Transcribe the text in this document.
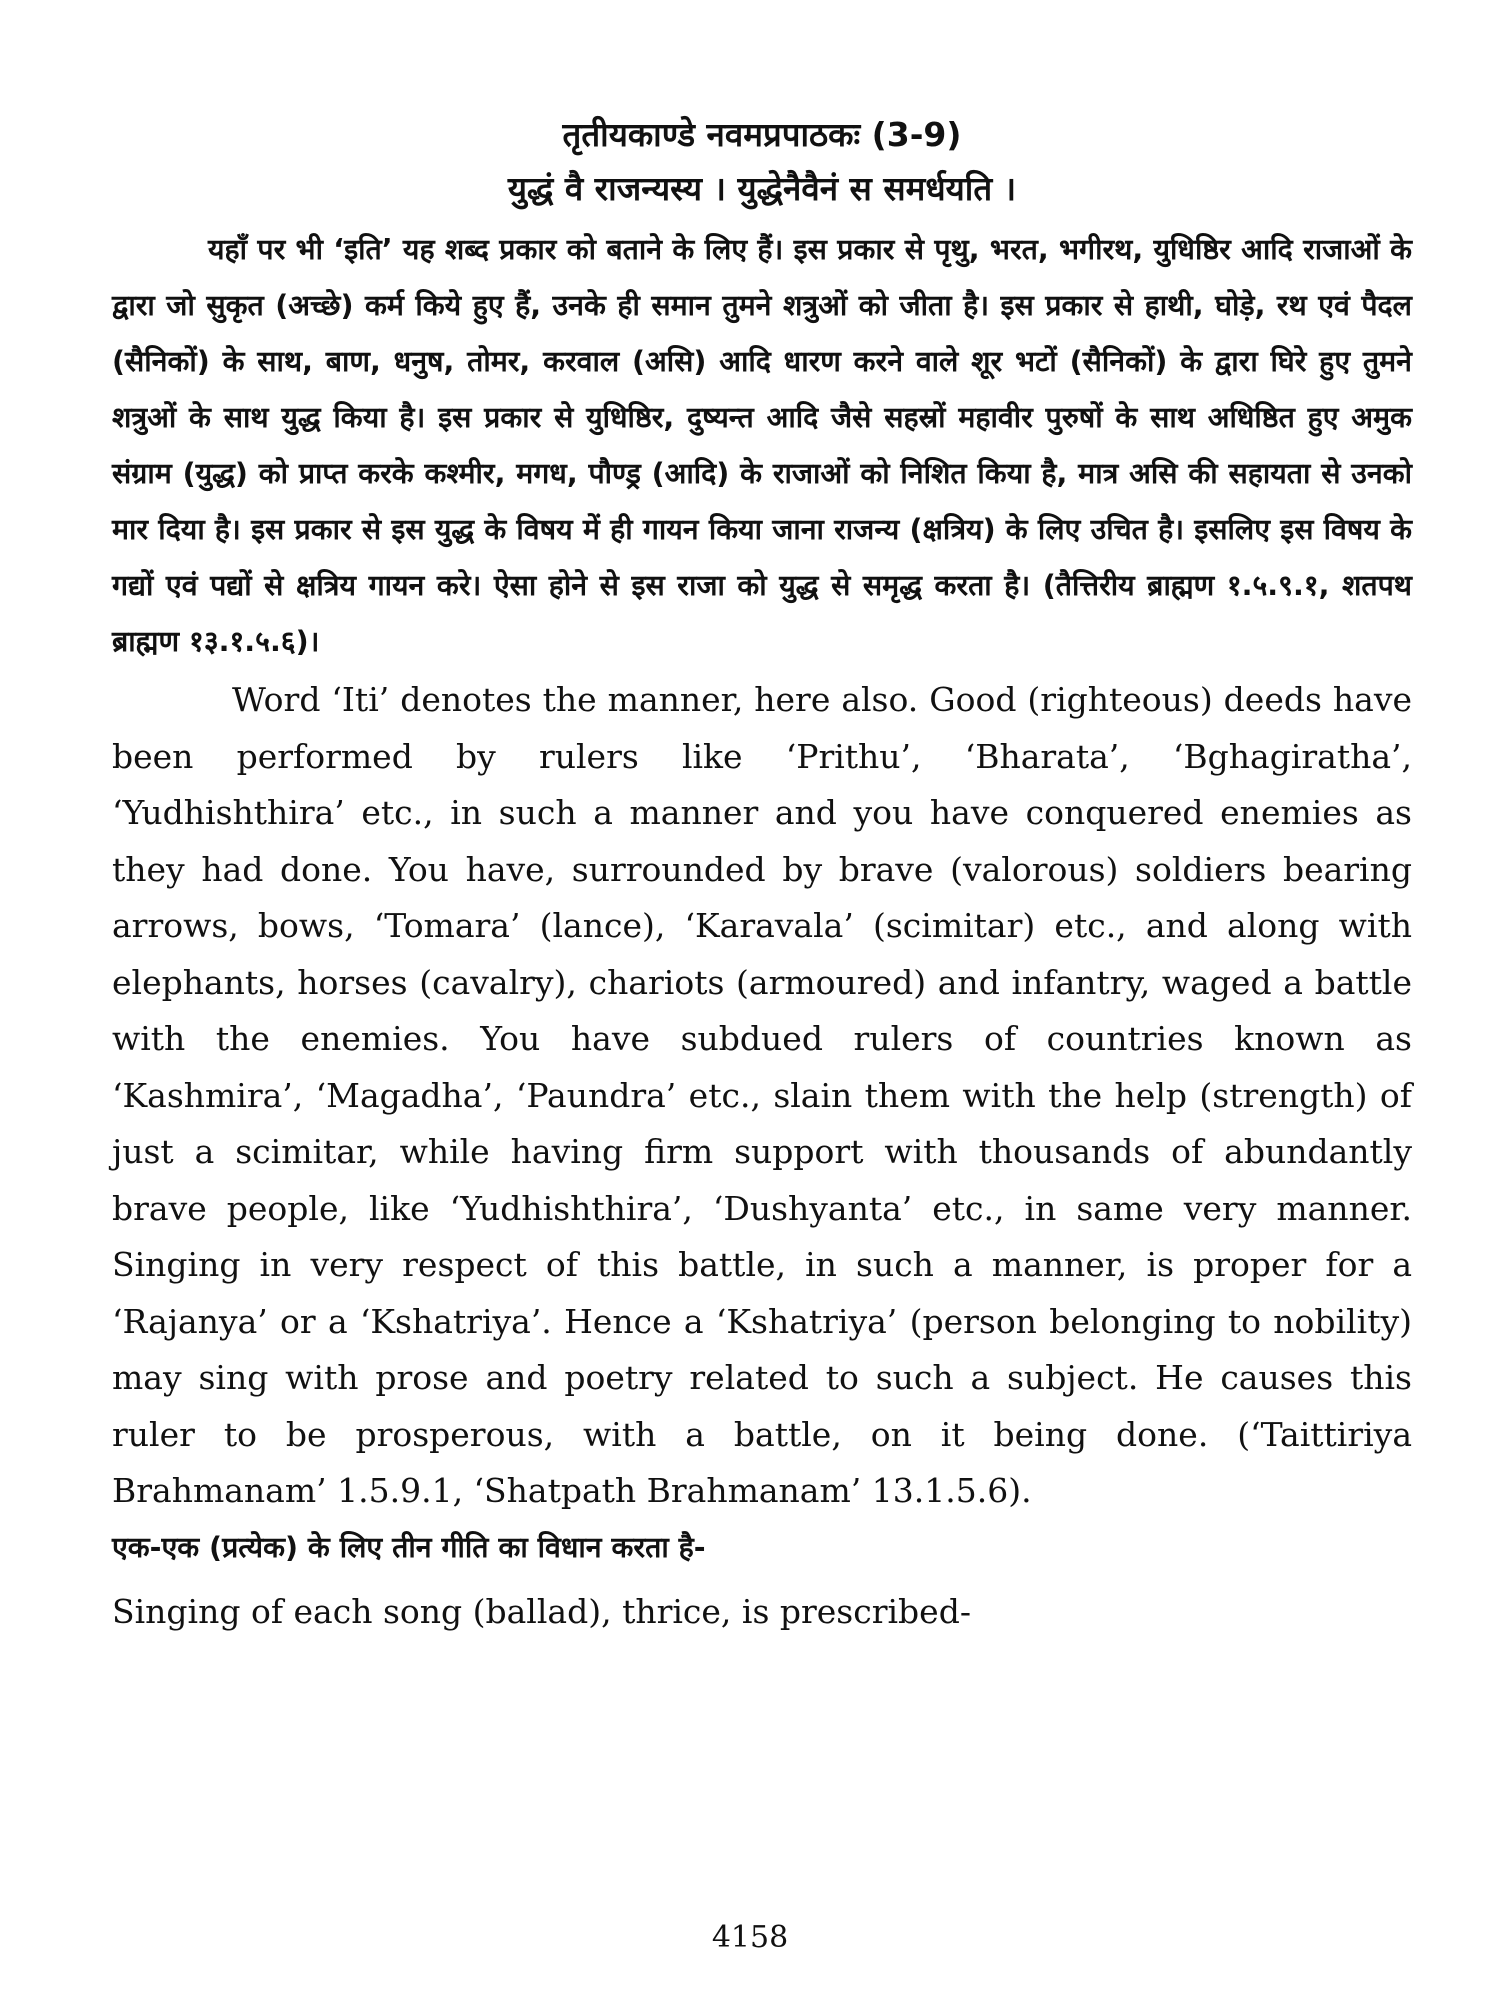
तृतीयकाण्डे नवमप्रपाठकः (3-9)

युद्धं वै राजन्यस्य । युद्धेनैवैनं स समर्धयति ।

यहाँ पर भी ‘इति’ यह शब्द प्रकार को बताने के लिए हैं। इस प्रकार से पृथु, भरत, भगीरथ, युधिष्ठिर आदि राजाओं के द्वारा जो सुकृत (अच्छे) कर्म किये हुए हैं, उनके ही समान तुमने शत्रुओं को जीता है। इस प्रकार से हाथी, घोड़े, रथ एवं पैदल (सैनिकों) के साथ, बाण, धनुष, तोमर, करवाल (असि) आदि धारण करने वाले शूर भटों (सैनिकों) के द्वारा घिरे हुए तुमने शत्रुओं के साथ युद्ध किया है। इस प्रकार से युधिष्ठिर, दुष्यन्त आदि जैसे सहस्रों महावीर पुरुषों के साथ अधिष्ठित हुए अमुक संग्राम (युद्ध) को प्राप्त करके कश्मीर, मगध, पौण्ड्र (आदि) के राजाओं को निशित किया है, मात्र असि की सहायता से उनको मार दिया है। इस प्रकार से इस युद्ध के विषय में ही गायन किया जाना राजन्य (क्षत्रिय) के लिए उचित है। इसलिए इस विषय के गद्यों एवं पद्यों से क्षत्रिय गायन करे। ऐसा होने से इस राजा को युद्ध से समृद्ध करता है। (तैत्तिरीय ब्राह्मण १.५.९.१, शतपथ ब्राह्मण १३.१.५.६)।

Word ‘Iti’ denotes the manner, here also. Good (righteous) deeds have been performed by rulers like ‘Prithu’, ‘Bharata’, ‘Bghagiratha’, ‘Yudhishthira’ etc., in such a manner and you have conquered enemies as they had done. You have, surrounded by brave (valorous) soldiers bearing arrows, bows, ‘Tomara’ (lance), ‘Karavala’ (scimitar) etc., and along with elephants, horses (cavalry), chariots (armoured) and infantry, waged a battle with the enemies. You have subdued rulers of countries known as ‘Kashmira’, ‘Magadha’, ‘Paundra’ etc., slain them with the help (strength) of just a scimitar, while having firm support with thousands of abundantly brave people, like ‘Yudhishthira’, ‘Dushyanta’ etc., in same very manner. Singing in very respect of this battle, in such a manner, is proper for a ‘Rajanya’ or a ‘Kshatriya’. Hence a ‘Kshatriya’ (person belonging to nobility) may sing with prose and poetry related to such a subject. He causes this ruler to be prosperous, with a battle, on it being done. (‘Taittiriya Brahmanam’ 1.5.9.1, ‘Shatpath Brahmanam’ 13.1.5.6).

एक-एक (प्रत्येक) के लिए तीन गीति का विधान करता है-

Singing of each song (ballad), thrice, is prescribed-

4158
